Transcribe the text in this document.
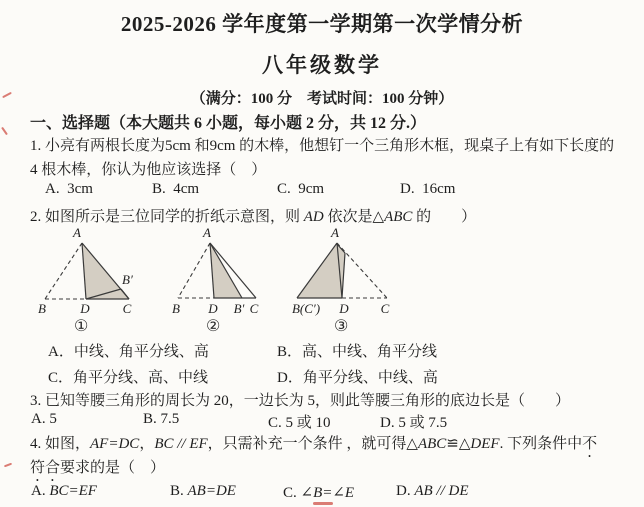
2025-2026 学年度第一学期第一次学情分析
八年级数学
（满分：100 分　考试时间：100 分钟）
一、选择题（本大题共 6 小题，每小题 2 分，共 12 分.）
1. 小亮有两根长度为5cm 和9cm 的木棒，他想钉一个三角形木框，现桌子上有如下长度的
4 根木棒，你认为他应该选择（　）
A. 3cm	B. 4cm	C. 9cm	D. 16cm
2. 如图所示是三位同学的折纸示意图，则 AD 依次是△ABC 的　　）
A
B	D	C
B′
①
A
B D B′ C
②
A
B(C′) D C
③
A．中线、角平分线、高	B．高、中线、角平分线
C．角平分线、高、中线	D．角平分线、中线、高
3. 已知等腰三角形的周长为 20，一边长为 5，则此等腰三角形的底边长是（　　）
A. 5	B. 7.5	C. 5 或 10	D. 5 或 7.5
4. 如图，AF=DC，BC // EF，只需补充一个条件 ，就可得△ABC≌△DEF. 下列条件中不
符合要求的是（　）
A. BC=EF	B. AB=DE	C. ∠B=∠E	D. AB // DE
